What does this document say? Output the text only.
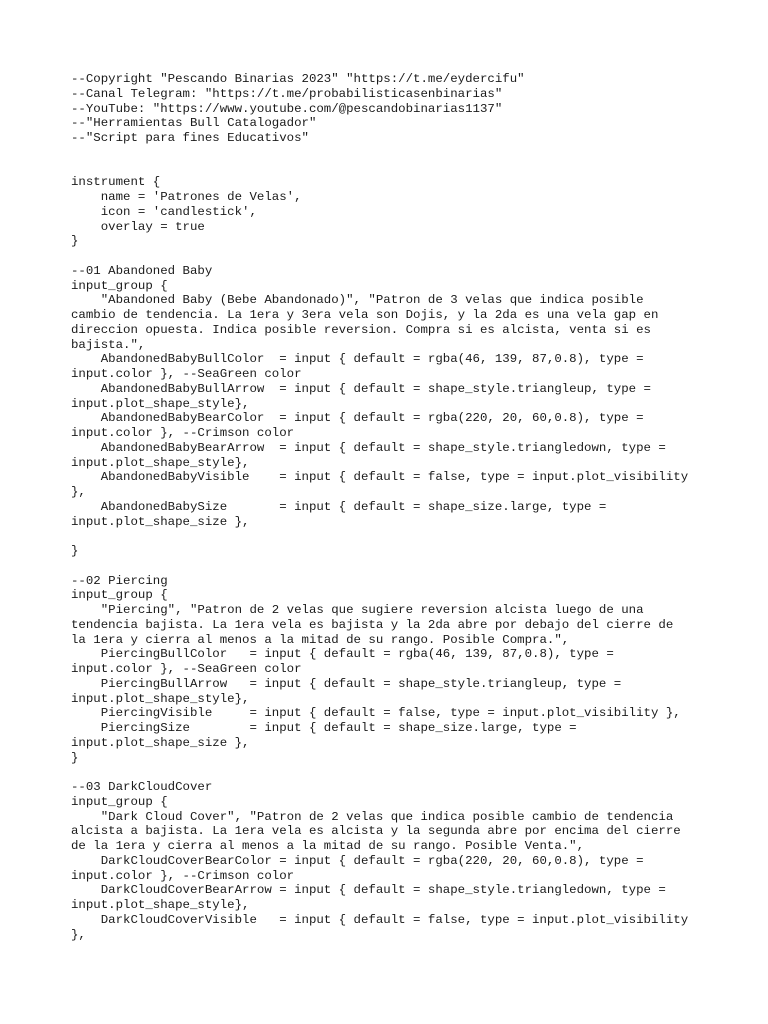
--Copyright "Pescando Binarias 2023" "https://t.me/eydercifu"
--Canal Telegram: "https://t.me/probabilisticasenbinarias"
--YouTube: "https://www.youtube.com/@pescandobinarias1137"
--"Herramientas Bull Catalogador"
--"Script para fines Educativos"
instrument {
name = 'Patrones de Velas',
icon = 'candlestick',
overlay = true
}
--01 Abandoned Baby
input_group {
"Abandoned Baby (Bebe Abandonado)", "Patron de 3 velas que indica posible
cambio de tendencia. La 1era y 3era vela son Dojis, y la 2da es una vela gap en
direccion opuesta. Indica posible reversion. Compra si es alcista, venta si es
bajista.",
AbandonedBabyBullColor  = input { default = rgba(46, 139, 87,0.8), type =
input.color }, --SeaGreen color
AbandonedBabyBullArrow  = input { default = shape_style.triangleup, type =
input.plot_shape_style},
AbandonedBabyBearColor  = input { default = rgba(220, 20, 60,0.8), type =
input.color }, --Crimson color
AbandonedBabyBearArrow  = input { default = shape_style.triangledown, type =
input.plot_shape_style},
AbandonedBabyVisible    = input { default = false, type = input.plot_visibility
},
AbandonedBabySize       = input { default = shape_size.large, type =
input.plot_shape_size },
}
--02 Piercing
input_group {
"Piercing", "Patron de 2 velas que sugiere reversion alcista luego de una
tendencia bajista. La 1era vela es bajista y la 2da abre por debajo del cierre de
la 1era y cierra al menos a la mitad de su rango. Posible Compra.",
PiercingBullColor   = input { default = rgba(46, 139, 87,0.8), type =
input.color }, --SeaGreen color
PiercingBullArrow   = input { default = shape_style.triangleup, type =
input.plot_shape_style},
PiercingVisible     = input { default = false, type = input.plot_visibility },
PiercingSize        = input { default = shape_size.large, type =
input.plot_shape_size },
}
--03 DarkCloudCover
input_group {
"Dark Cloud Cover", "Patron de 2 velas que indica posible cambio de tendencia
alcista a bajista. La 1era vela es alcista y la segunda abre por encima del cierre
de la 1era y cierra al menos a la mitad de su rango. Posible Venta.",
DarkCloudCoverBearColor = input { default = rgba(220, 20, 60,0.8), type =
input.color }, --Crimson color
DarkCloudCoverBearArrow = input { default = shape_style.triangledown, type =
input.plot_shape_style},
DarkCloudCoverVisible   = input { default = false, type = input.plot_visibility
},
